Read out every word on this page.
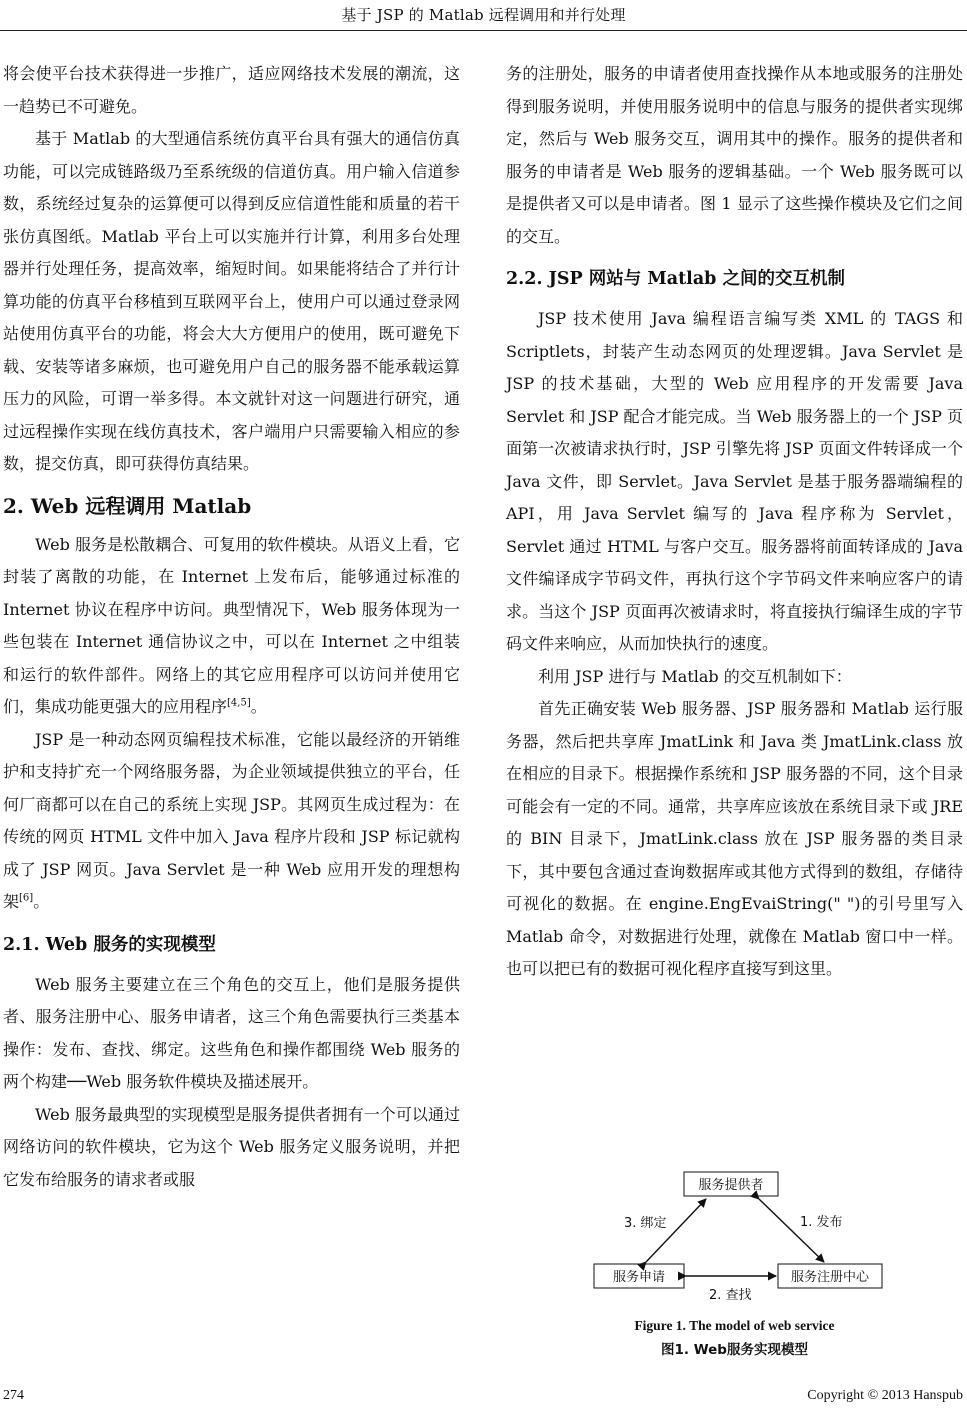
基于 JSP 的 Matlab 远程调用和并行处理

将会使平台技术获得进一步推广，适应网络技术发展的潮流，这一趋势已不可避免。

基于 Matlab 的大型通信系统仿真平台具有强大的通信仿真功能，可以完成链路级乃至系统级的信道仿真。用户输入信道参数，系统经过复杂的运算便可以得到反应信道性能和质量的若干张仿真图纸。Matlab 平台上可以实施并行计算，利用多台处理器并行处理任务，提高效率，缩短时间。如果能将结合了并行计算功能的仿真平台移植到互联网平台上，使用户可以通过登录网站使用仿真平台的功能，将会大大方便用户的使用，既可避免下载、安装等诸多麻烦，也可避免用户自己的服务器不能承载运算压力的风险，可谓一举多得。本文就针对这一问题进行研究，通过远程操作实现在线仿真技术，客户端用户只需要输入相应的参数，提交仿真，即可获得仿真结果。

2. Web 远程调用 Matlab

Web 服务是松散耦合、可复用的软件模块。从语义上看，它封装了离散的功能，在 Internet 上发布后，能够通过标准的 Internet 协议在程序中访问。典型情况下，Web 服务体现为一些包装在 Internet 通信协议之中，可以在 Internet 之中组装和运行的软件部件。网络上的其它应用程序可以访问并使用它们，集成功能更强大的应用程序[4,5]。

JSP 是一种动态网页编程技术标准，它能以最经济的开销维护和支持扩充一个网络服务器，为企业领域提供独立的平台，任何厂商都可以在自己的系统上实现 JSP。其网页生成过程为：在传统的网页 HTML 文件中加入 Java 程序片段和 JSP 标记就构成了 JSP 网页。Java Servlet 是一种 Web 应用开发的理想构架[6]。

2.1. Web 服务的实现模型

Web 服务主要建立在三个角色的交互上，他们是服务提供者、服务注册中心、服务申请者，这三个角色需要执行三类基本操作：发布、查找、绑定。这些角色和操作都围绕 Web 服务的两个构建──Web 服务软件模块及描述展开。

Web 服务最典型的实现模型是服务提供者拥有一个可以通过网络访问的软件模块，它为这个 Web 服务定义服务说明，并把它发布给服务的请求者或服

务的注册处，服务的申请者使用查找操作从本地或服务的注册处得到服务说明，并使用服务说明中的信息与服务的提供者实现绑定，然后与 Web 服务交互，调用其中的操作。服务的提供者和服务的申请者是 Web 服务的逻辑基础。一个 Web 服务既可以是提供者又可以是申请者。图 1 显示了这些操作模块及它们之间的交互。

2.2. JSP 网站与 Matlab 之间的交互机制

JSP 技术使用 Java 编程语言编写类 XML 的 TAGS 和 Scriptlets，封装产生动态网页的处理逻辑。Java Servlet 是 JSP 的技术基础，大型的 Web 应用程序的开发需要 Java Servlet 和 JSP 配合才能完成。当 Web 服务器上的一个 JSP 页面第一次被请求执行时，JSP 引擎先将 JSP 页面文件转译成一个 Java 文件，即 Servlet。Java Servlet 是基于服务器端编程的 API，用 Java Servlet 编写的 Java 程序称为 Servlet，Servlet 通过 HTML 与客户交互。服务器将前面转译成的 Java 文件编译成字节码文件，再执行这个字节码文件来响应客户的请求。当这个 JSP 页面再次被请求时，将直接执行编译生成的字节码文件来响应，从而加快执行的速度。

利用 JSP 进行与 Matlab 的交互机制如下：

首先正确安装 Web 服务器、JSP 服务器和 Matlab 运行服务器，然后把共享库 JmatLink 和 Java 类 JmatLink.class 放在相应的目录下。根据操作系统和 JSP 服务器的不同，这个目录可能会有一定的不同。通常，共享库应该放在系统目录下或 JRE 的 BIN 目录下，JmatLink.class 放在 JSP 服务器的类目录下，其中要包含通过查询数据库或其他方式得到的数组，存储待可视化的数据。在 engine.EngEvaiString(" ")的引号里写入 Matlab 命令，对数据进行处理，就像在 Matlab 窗口中一样。也可以把已有的数据可视化程序直接写到这里。

服务提供者
服务申请	服务注册中心
3. 绑定	1. 发布
2. 查找
Figure 1. The model of web service
图1. Web服务实现模型
274	Copyright © 2013 Hanspub
